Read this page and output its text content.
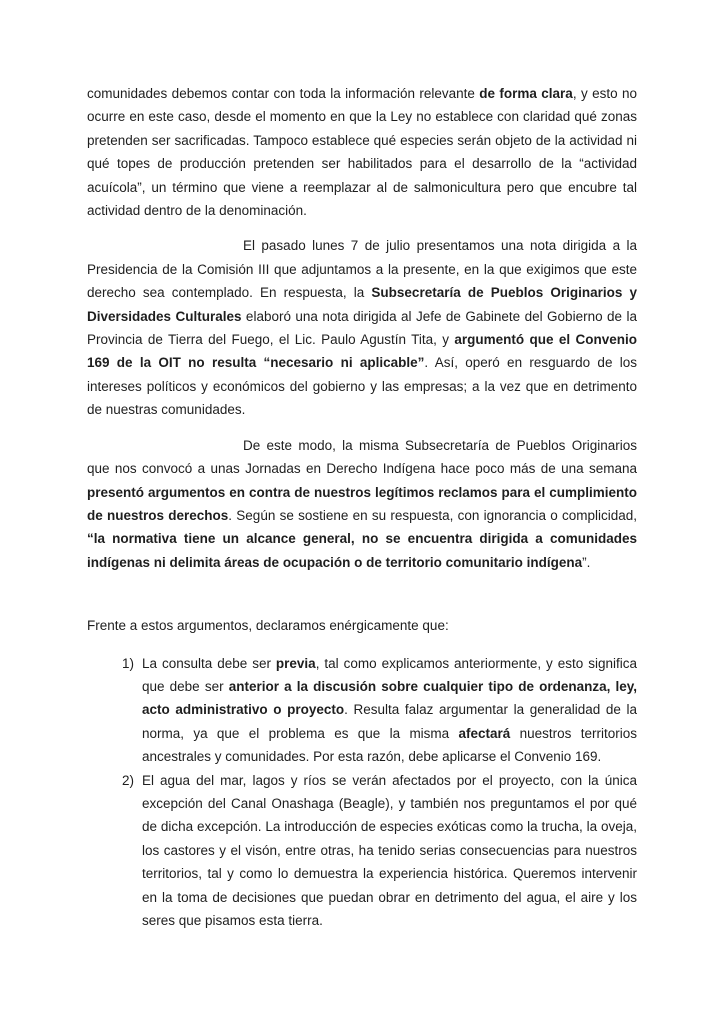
comunidades debemos contar con toda la información relevante de forma clara, y esto no ocurre en este caso, desde el momento en que la Ley no establece con claridad qué zonas pretenden ser sacrificadas. Tampoco establece qué especies serán objeto de la actividad ni qué topes de producción pretenden ser habilitados para el desarrollo de la “actividad acuícola”, un término que viene a reemplazar al de salmonicultura pero que encubre tal actividad dentro de la denominación.

El pasado lunes 7 de julio presentamos una nota dirigida a la Presidencia de la Comisión III que adjuntamos a la presente, en la que exigimos que este derecho sea contemplado. En respuesta, la Subsecretaría de Pueblos Originarios y Diversidades Culturales elaboró una nota dirigida al Jefe de Gabinete del Gobierno de la Provincia de Tierra del Fuego, el Lic. Paulo Agustín Tita, y argumentó que el Convenio 169 de la OIT no resulta “necesario ni aplicable”. Así, operó en resguardo de los intereses políticos y económicos del gobierno y las empresas; a la vez que en detrimento de nuestras comunidades.

De este modo, la misma Subsecretaría de Pueblos Originarios que nos convocó a unas Jornadas en Derecho Indígena hace poco más de una semana presentó argumentos en contra de nuestros legítimos reclamos para el cumplimiento de nuestros derechos. Según se sostiene en su respuesta, con ignorancia o complicidad, “la normativa tiene un alcance general, no se encuentra dirigida a comunidades indígenas ni delimita áreas de ocupación o de territorio comunitario indígena”.

Frente a estos argumentos, declaramos enérgicamente que:

1) La consulta debe ser previa, tal como explicamos anteriormente, y esto significa que debe ser anterior a la discusión sobre cualquier tipo de ordenanza, ley, acto administrativo o proyecto. Resulta falaz argumentar la generalidad de la norma, ya que el problema es que la misma afectará nuestros territorios ancestrales y comunidades. Por esta razón, debe aplicarse el Convenio 169.
2) El agua del mar, lagos y ríos se verán afectados por el proyecto, con la única excepción del Canal Onashaga (Beagle), y también nos preguntamos el por qué de dicha excepción. La introducción de especies exóticas como la trucha, la oveja, los castores y el visón, entre otras, ha tenido serias consecuencias para nuestros territorios, tal y como lo demuestra la experiencia histórica. Queremos intervenir en la toma de decisiones que puedan obrar en detrimento del agua, el aire y los seres que pisamos esta tierra.
